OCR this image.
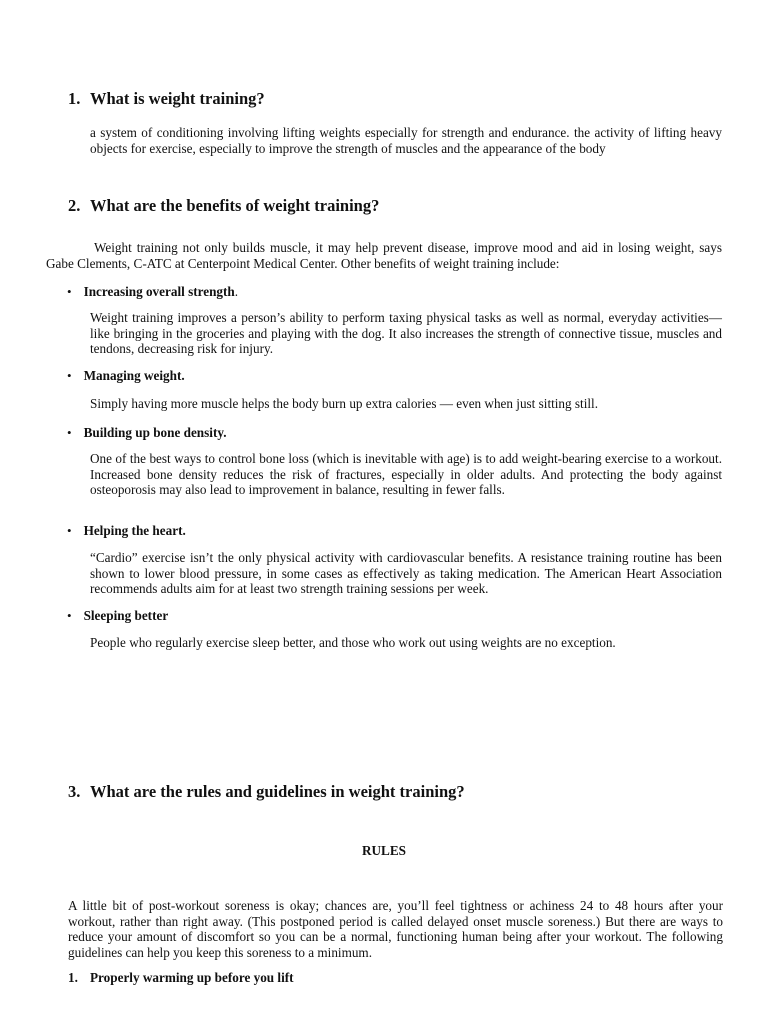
1. What is weight training?
a system of conditioning involving lifting weights especially for strength and endurance. the activity of lifting heavy objects for exercise, especially to improve the strength of muscles and the appearance of the body
2. What are the benefits of weight training?
Weight training not only builds muscle, it may help prevent disease, improve mood and aid in losing weight, says Gabe Clements, C-ATC at Centerpoint Medical Center. Other benefits of weight training include:
• Increasing overall strength.
Weight training improves a person’s ability to perform taxing physical tasks as well as normal, everyday activities—like bringing in the groceries and playing with the dog. It also increases the strength of connective tissue, muscles and tendons, decreasing risk for injury.
• Managing weight.
Simply having more muscle helps the body burn up extra calories — even when just sitting still.
• Building up bone density.
One of the best ways to control bone loss (which is inevitable with age) is to add weight-bearing exercise to a workout. Increased bone density reduces the risk of fractures, especially in older adults. And protecting the body against osteoporosis may also lead to improvement in balance, resulting in fewer falls.
• Helping the heart.
“Cardio” exercise isn’t the only physical activity with cardiovascular benefits. A resistance training routine has been shown to lower blood pressure, in some cases as effectively as taking medication. The American Heart Association recommends adults aim for at least two strength training sessions per week.
• Sleeping better
People who regularly exercise sleep better, and those who work out using weights are no exception.
3. What are the rules and guidelines in weight training?
RULES
A little bit of post-workout soreness is okay; chances are, you’ll feel tightness or achiness 24 to 48 hours after your workout, rather than right away. (This postponed period is called delayed onset muscle soreness.) But there are ways to reduce your amount of discomfort so you can be a normal, functioning human being after your workout. The following guidelines can help you keep this soreness to a minimum.
1. Properly warming up before you lift
